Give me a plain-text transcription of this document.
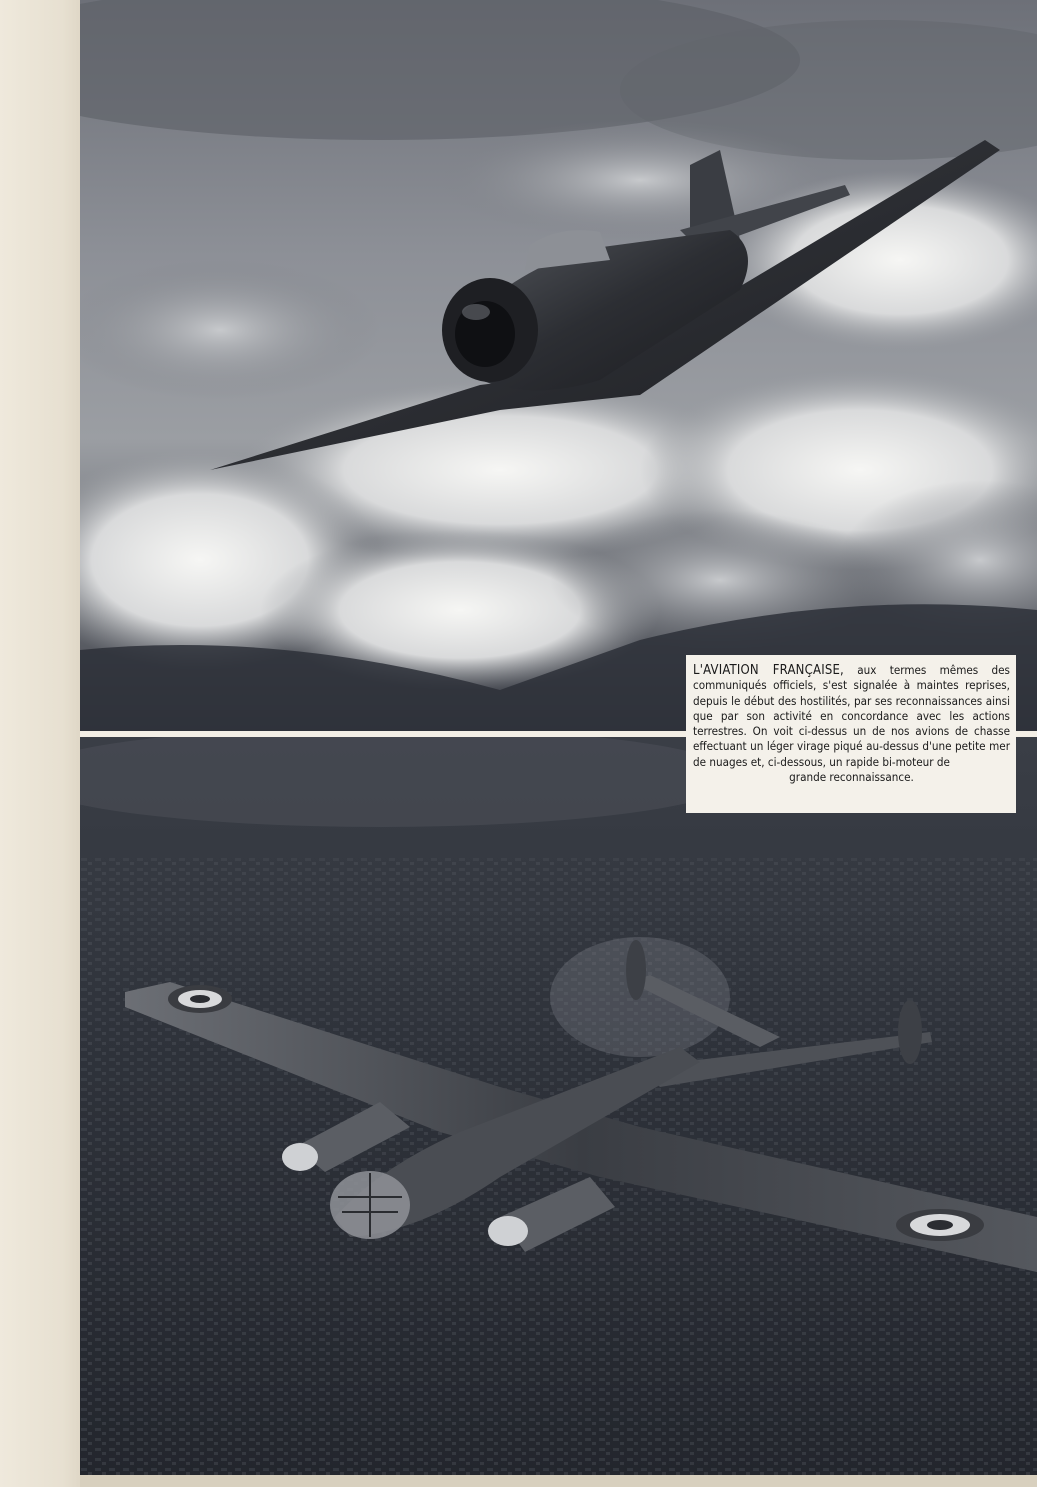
L'AVIATION FRANÇAISE, aux termes mêmes des communiqués officiels, s'est signalée à maintes reprises, depuis le début des hostilités, par ses reconnaissances ainsi que par son activité en concordance avec les actions terrestres. On voit ci-dessus un de nos avions de chasse effectuant un léger virage piqué au-dessus d'une petite mer de nuages et, ci-dessous, un rapide bi-moteur de
grande reconnaissance.
